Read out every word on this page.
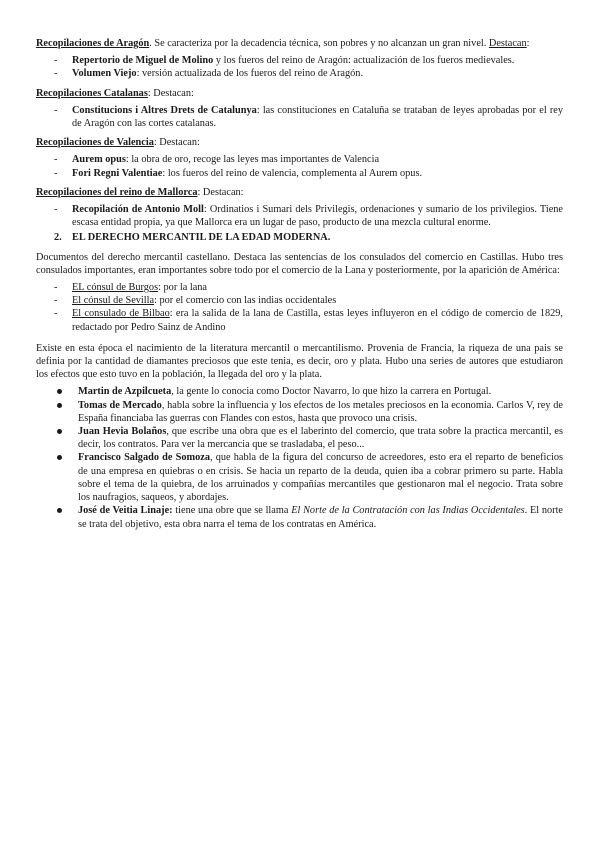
Recopilaciones de Aragón. Se caracteriza por la decadencia técnica, son pobres y no alcanzan un gran nivel. Destacan:

- Repertorio de Miguel de Molino y los fueros del reino de Aragón: actualización de los fueros medievales.
- Volumen Viejo: versión actualizada de los fueros del reino de Aragón.

Recopilaciones Catalanas: Destacan:

- Constitucions i Altres Drets de Catalunya: las constituciones en Cataluña se trataban de leyes aprobadas por el rey de Aragón con las cortes catalanas.

Recopilaciones de Valencia: Destacan:

- Aurem opus: la obra de oro, recoge las leyes mas importantes de Valencia
- Fori Regni Valentiae: los fueros del reino de valencia, complementa al Aurem opus.

Recopilaciones del reino de Mallorca: Destacan:

- Recopilación de Antonio Moll: Ordinatios i Sumari dels Privilegis, ordenaciones y sumario de los privilegios. Tiene escasa entidad propia, ya que Mallorca era un lugar de paso, producto de una mezcla cultural enorme.
2. EL DERECHO MERCANTIL DE LA EDAD MODERNA.

Documentos del derecho mercantil castellano. Destaca las sentencias de los consulados del comercio en Castillas. Hubo tres consulados importantes, eran importantes sobre todo por el comercio de la Lana y posteriormente, por la aparición de América:

- EL cónsul de Burgos: por la lana
- El cónsul de Sevilla: por el comercio con las indias occidentales
- El consulado de Bilbao: era la salida de la lana de Castilla, estas leyes influyeron en el código de comercio de 1829, redactado por Pedro Sainz de Andino

Existe en esta época el nacimiento de la literatura mercantil o mercantilismo. Provenia de Francia, la riqueza de una pais se definia por la cantidad de diamantes preciosos que este tenia, es decir, oro y plata. Hubo una series de autores que estudiaron los efectos que esto tuvo en la población, la llegada del oro y la plata.

Martin de Azpilcueta, la gente lo conocia como Doctor Navarro, lo que hizo la carrera en Portugal.
Tomas de Mercado, habla sobre la influencia y los efectos de los metales preciosos en la economia. Carlos V, rey de España financiaba las guerras con Flandes con estos, hasta que provoco una crisis.
Juan Hevia Bolaños, que escribe una obra que es el laberinto del comercio, que trata sobre la practica mercantil, es decir, los contratos. Para ver la mercancia que se trasladaba, el peso...
Francisco Salgado de Somoza, que habla de la figura del concurso de acreedores, esto era el reparto de beneficios de una empresa en quiebras o en crisis. Se hacia un reparto de la deuda, quien iba a cobrar primero su parte. Habla sobre el tema de la quiebra, de los arruinados y compañías mercantiles que gestionaron mal el negocio. Trata sobre los naufragios, saqueos, y abordajes.
José de Veitia Linaje: tiene una obre que se llama El Norte de la Contratación con las Indias Occidentales. El norte se trata del objetivo, esta obra narra el tema de los contratas en América.
